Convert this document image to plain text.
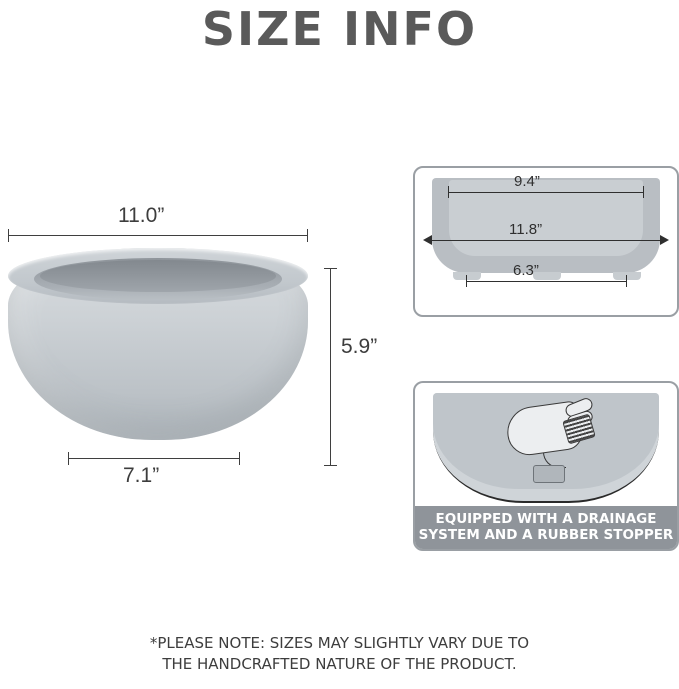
SIZE INFO
11.0”
5.9”
7.1”
9.4”
11.8”
6.3”
EQUIPPED WITH A DRAINAGE
SYSTEM AND A RUBBER STOPPER
*PLEASE NOTE: SIZES MAY SLIGHTLY VARY DUE TO
THE HANDCRAFTED NATURE OF THE PRODUCT.
